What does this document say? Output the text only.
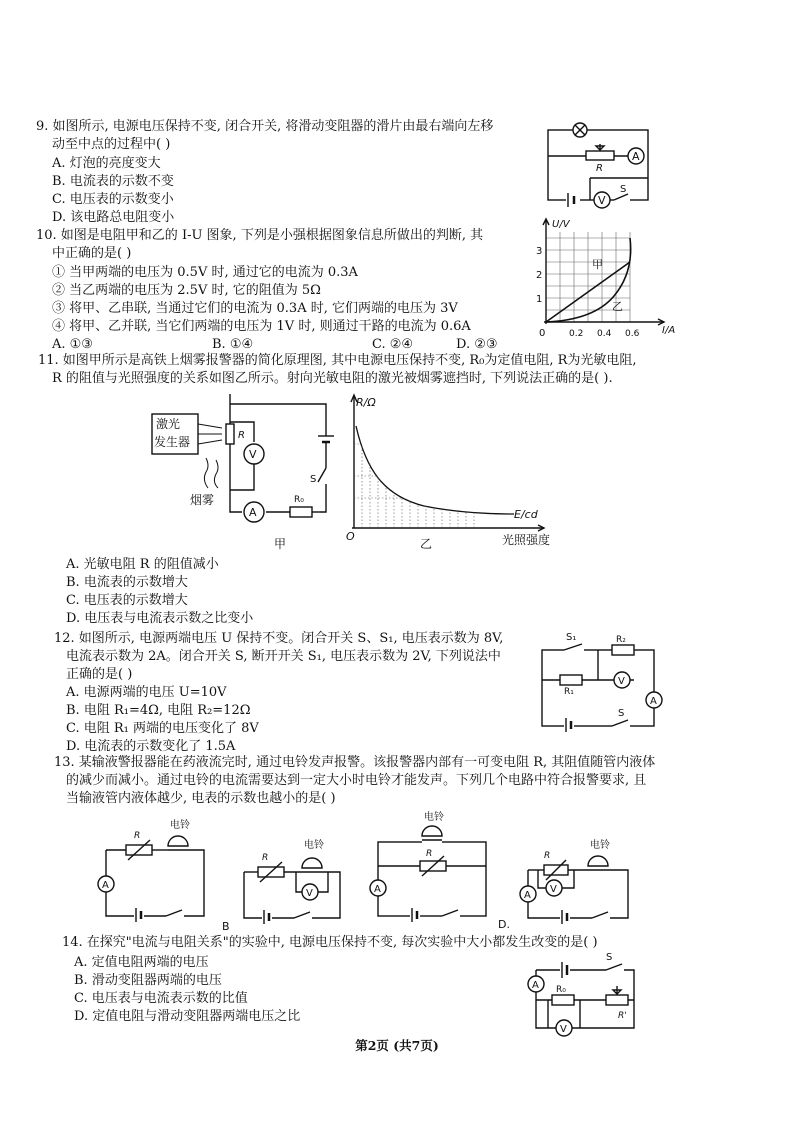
9. 如图所示, 电源电压保持不变, 闭合开关, 将滑动变阻器的滑片由最右端向左移
动至中点的过程中( )
A. 灯泡的亮度变大
B. 电流表的示数不变
C. 电压表的示数变小
D. 该电路总电阻变小
R
A
S
V
10. 如图是电阻甲和乙的 I-U 图象, 下列是小强根据图象信息所做出的判断, 其
中正确的是( )
① 当甲两端的电压为 0.5V 时, 通过它的电流为 0.3A
② 当乙两端的电压为 2.5V 时, 它的阻值为 5Ω
③ 将甲、乙串联, 当通过它们的电流为 0.3A 时, 它们两端的电压为 3V
④ 将甲、乙并联, 当它们两端的电压为 1V 时, 则通过干路的电流为 0.6A
A. ①③	B. ①④	C. ②④	D. ②③
U/V
I/A
3
2
1
0	0.2 0.4 0.6
甲
乙
11. 如图甲所示是高铁上烟雾报警器的简化原理图, 其中电源电压保持不变, R₀为定值电阻, R为光敏电阻,
R 的阻值与光照强度的关系如图乙所示。射向光敏电阻的激光被烟雾遮挡时, 下列说法正确的是( ).
激光
发生器
烟雾
R
S
R₀
A
V
甲
R/Ω
E/cd
光照强度
O
乙
A. 光敏电阻 R 的阻值减小
B. 电流表的示数增大
C. 电压表的示数增大
D. 电压表与电流表示数之比变小
12. 如图所示, 电源两端电压 U 保持不变。闭合开关 S、S₁, 电压表示数为 8V,
电流表示数为 2A。闭合开关 S, 断开开关 S₁, 电压表示数为 2V, 下列说法中
正确的是( )
A. 电源两端的电压 U=10V
B. 电阻 R₁=4Ω, 电阻 R₂=12Ω
C. 电阻 R₁ 两端的电压变化了 8V
D. 电流表的示数变化了 1.5A
S₁	R₂
R₁
V
A
S
13. 某输液警报器能在药液流完时, 通过电铃发声报警。该报警器内部有一可变电阻 R, 其阻值随管内液体
的减少而减小。通过电铃的电流需要达到一定大小时电铃才能发声。下列几个电路中符合报警要求, 且
当输液管内液体越少, 电表的示数也越小的是( )
R
电铃
A
R
电铃
V
B
电铃
R
A
R
电铃
V
A
D.
14. 在探究"电流与电阻关系"的实验中, 电源电压保持不变, 每次实验中大小都发生改变的是( )
A. 定值电阻两端的电压
B. 滑动变阻器两端的电压
C. 电压表与电流表示数的比值
D. 定值电阻与滑动变阻器两端电压之比
S
A R₀
R'
V
第2页 (共7页)
